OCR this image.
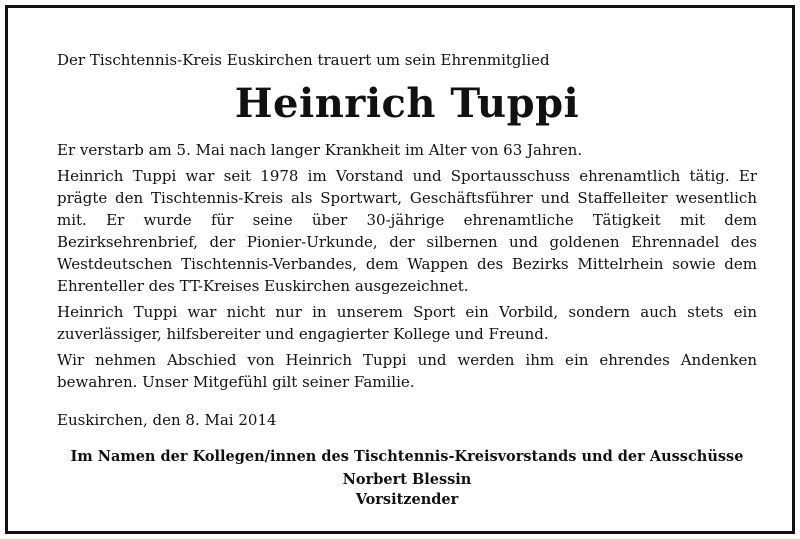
Der Tischtennis-Kreis Euskirchen trauert um sein Ehrenmitglied

Heinrich Tuppi

Er verstarb am 5. Mai nach langer Krankheit im Alter von 63 Jahren.

Heinrich Tuppi war seit 1978 im Vorstand und Sportausschuss ehrenamtlich tätig. Er prägte den Tischtennis-Kreis als Sportwart, Geschäftsführer und Staffelleiter wesentlich mit. Er wurde für seine über 30-jährige ehrenamtliche Tätigkeit mit dem Bezirksehrenbrief, der Pionier-Urkunde, der silbernen und goldenen Ehrennadel des Westdeutschen Tischtennis-Verbandes, dem Wappen des Bezirks Mittelrhein sowie dem Ehrenteller des TT-Kreises Euskirchen ausgezeichnet.

Heinrich Tuppi war nicht nur in unserem Sport ein Vorbild, sondern auch stets ein zuverlässiger, hilfsbereiter und engagierter Kollege und Freund.

Wir nehmen Abschied von Heinrich Tuppi und werden ihm ein ehrendes Andenken bewahren. Unser Mitgefühl gilt seiner Familie.

Euskirchen, den 8. Mai 2014

Im Namen der Kollegen/innen des Tischtennis-Kreisvorstands und der Ausschüsse

Norbert Blessin

Vorsitzender
